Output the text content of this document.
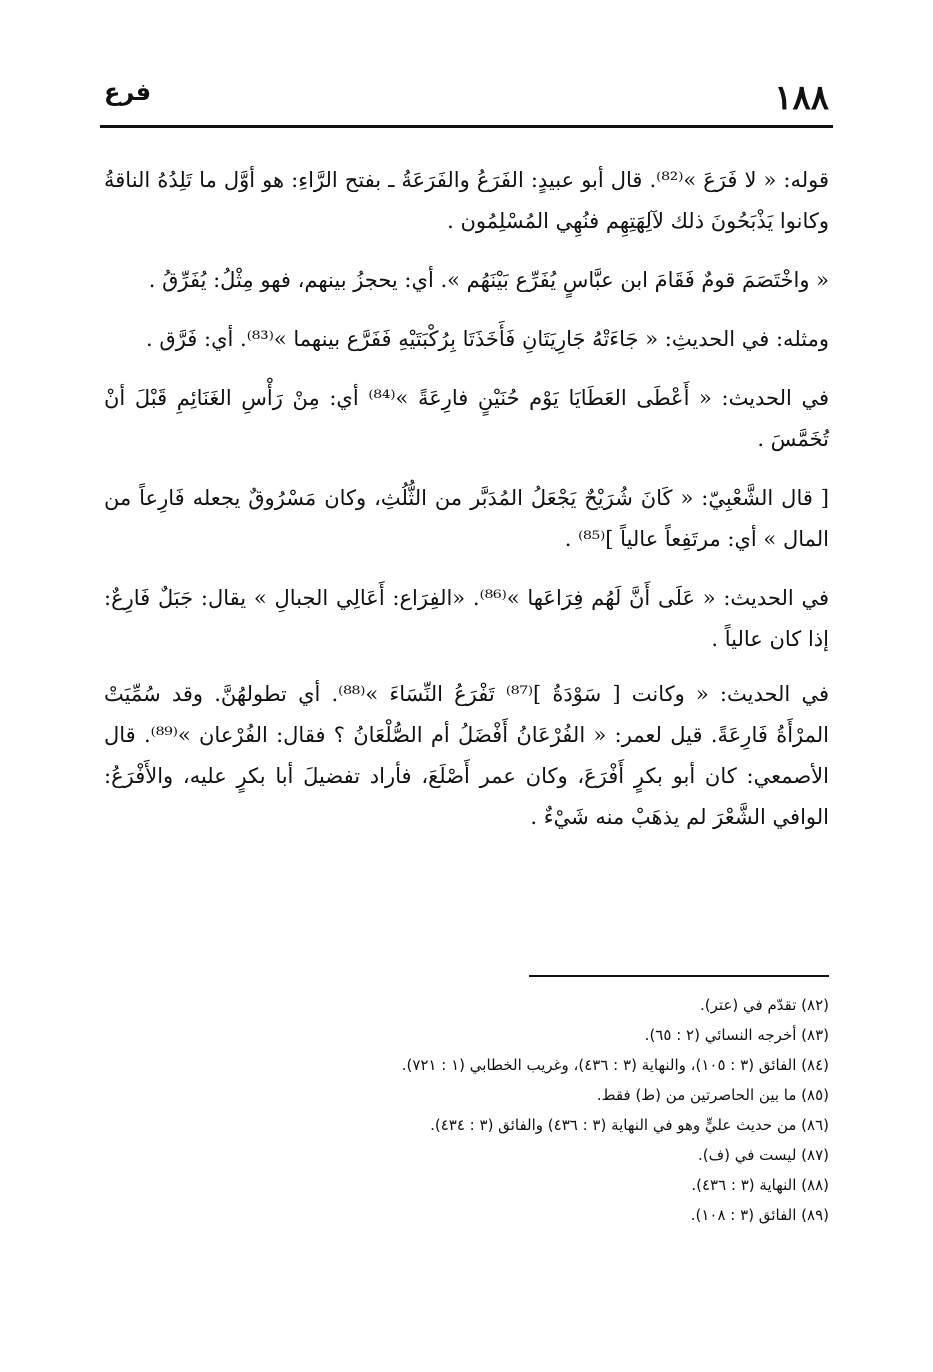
١٨٨
فرع

قوله: « لا فَرَعَ »⁽⁸²⁾. قال أبو عبيدٍ: الفَرَعُ والفَرَعَةُ ـ بفتح الرَّاءِ: هو أوَّل ما تَلِدُهُ الناقةُ وكانوا يَذْبَحُونَ ذلك لآلِهَتِهِم فنُهِي المُسْلِمُون .

« واخْتَصَمَ قومٌ فَقَامَ ابن عبَّاسٍ يُفَرِّع بَيْنَهُم ». أي: يحجزُ بينهم، فهو مِثْلُ: يُفَرِّقُ .

ومثله: في الحديثِ: « جَاءَتْهُ جَارِيَتَانِ فَأَخَذَتَا بِرُكْبَتَيْهِ فَفَرَّع بينهما »⁽⁸³⁾. أي: فَرَّق .

في الحديث: « أَعْطَى العَطَايَا يَوْم حُنَيْنٍ فارِعَةً »⁽⁸⁴⁾ أي: مِنْ رَأْسِ الغَنَائِمِ قَبْلَ أنْ تُخَمَّسَ .

[ قال الشَّعْبِيّ: « كَانَ شُرَيْحٌ يَجْعَلُ المُدَبَّر من الثُّلُثِ، وكان مَسْرُوقٌ يجعله فَارِعاً من المال » أي: مرتَفِعاً عالياً ]⁽⁸⁵⁾ .

في الحديث: « عَلَى أَنَّ لَهُم فِرَاعَها »⁽⁸⁶⁾. «الفِرَاع: أَعَالِي الجبالِ » يقال: جَبَلٌ فَارِعٌ: إذا كان عالياً .

في الحديث: « وكانت [ سَوْدَةُ ]⁽⁸⁷⁾ تَفْرَعُ النِّسَاءَ »⁽⁸⁸⁾. أي تطولهُنَّ. وقد سُمِّيَتْ المرْأَةُ فَارِعَةً. قيل لعمر: « الفُرْعَانُ أَفْضَلُ أم الصُّلْعَانُ ؟ فقال: الفُرْعان »⁽⁸⁹⁾. قال الأصمعي: كان أبو بكرٍ أَفْرَعَ، وكان عمر أَصْلَعَ، فأراد تفضيلَ أبا بكرٍ عليه، والأَفْرَعُ: الوافي الشَّعْرَ لم يذهَبْ منه شَيْءٌ .

(٨٢) تقدّم في (عتر).

(٨٣) أخرجه النسائي (٢ : ٦٥).

(٨٤) الفائق (٣ : ١٠٥)، والنهاية (٣ : ٤٣٦)، وغريب الخطابي (١ : ٧٢١).

(٨٥) ما بين الحاصرتين من (ط) فقط.

(٨٦) من حديث عليٍّ وهو في النهاية (٣ : ٤٣٦) والفائق (٣ : ٤٣٤).

(٨٧) ليست في (ف).

(٨٨) النهاية (٣ : ٤٣٦).

(٨٩) الفائق (٣ : ١٠٨).
